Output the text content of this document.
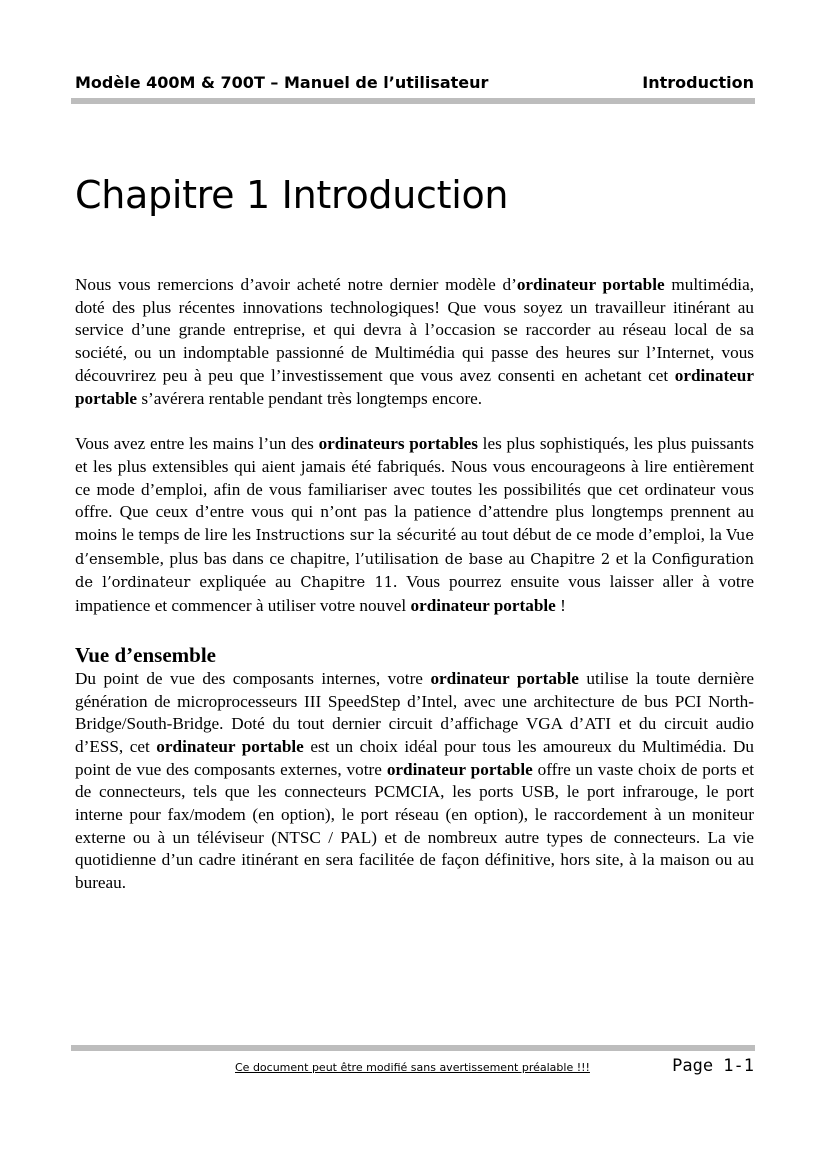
Modèle 400M & 700T – Manuel de l’utilisateur	Introduction
Chapitre 1 Introduction

Nous vous remercions d’avoir acheté notre dernier modèle d’ordinateur portable multimédia, doté des plus récentes innovations technologiques! Que vous soyez un travailleur itinérant au service d’une grande entreprise, et qui devra à l’occasion se raccorder au réseau local de sa société, ou un indomptable passionné de Multimédia qui passe des heures sur l’Internet, vous découvrirez peu à peu que l’investissement que vous avez consenti en achetant cet ordinateur portable s’avérera rentable pendant très longtemps encore.

Vous avez entre les mains l’un des ordinateurs portables les plus sophistiqués, les plus puissants et les plus extensibles qui aient jamais été fabriqués. Nous vous encourageons à lire entièrement ce mode d’emploi, afin de vous familiariser avec toutes les possibilités que cet ordinateur vous offre. Que ceux d’entre vous qui n’ont pas la patience d’attendre plus longtemps prennent au moins le temps de lire les Instructions sur la sécurité au tout début de ce mode d’emploi, la Vue d’ensemble, plus bas dans ce chapitre, l’utilisation de base au Chapitre 2 et la Configuration de l’ordinateur expliquée au Chapitre 11. Vous pourrez ensuite vous laisser aller à votre impatience et commencer à utiliser votre nouvel ordinateur portable !

Vue d’ensemble

Du point de vue des composants internes, votre ordinateur portable utilise la toute dernière génération de microprocesseurs III SpeedStep d’Intel, avec une architecture de bus PCI North-Bridge/South-Bridge. Doté du tout dernier circuit d’affichage VGA d’ATI et du circuit audio d’ESS, cet ordinateur portable est un choix idéal pour tous les amoureux du Multimédia. Du point de vue des composants externes, votre ordinateur portable offre un vaste choix de ports et de connecteurs, tels que les connecteurs PCMCIA, les ports USB, le port infrarouge, le port interne pour fax/modem (en option), le port réseau (en option), le raccordement à un moniteur externe ou à un téléviseur (NTSC / PAL) et de nombreux autre types de connecteurs. La vie quotidienne d’un cadre itinérant en sera facilitée de façon définitive, hors site, à la maison ou au bureau.

Ce document peut être modifié sans avertissement préalable !!!	Page 1-1
